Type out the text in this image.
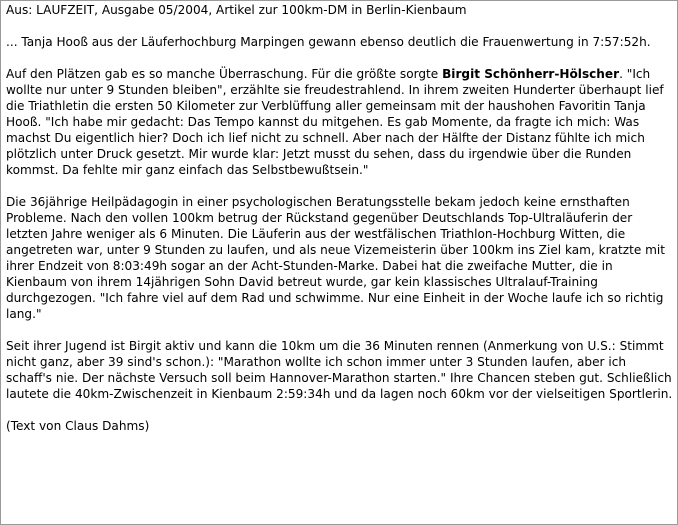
Aus: LAUFZEIT, Ausgabe 05/2004, Artikel zur 100km-DM in Berlin-Kienbaum

... Tanja Hooß aus der Läuferhochburg Marpingen gewann ebenso deutlich die Frauenwertung in 7:57:52h.

Auf den Plätzen gab es so manche Überraschung. Für die größte sorgte Birgit Schönherr-Hölscher. "Ich wollte nur unter 9 Stunden bleiben", erzählte sie freudestrahlend. In ihrem zweiten Hunderter überhaupt lief die Triathletin die ersten 50 Kilometer zur Verblüffung aller gemeinsam mit der haushohen Favoritin Tanja Hooß. "Ich habe mir gedacht: Das Tempo kannst du mitgehen. Es gab Momente, da fragte ich mich: Was machst Du eigentlich hier? Doch ich lief nicht zu schnell. Aber nach der Hälfte der Distanz fühlte ich mich plötzlich unter Druck gesetzt. Mir wurde klar: Jetzt musst du sehen, dass du irgendwie über die Runden kommst. Da fehlte mir ganz einfach das Selbstbewußtsein."

Die 36jährige Heilpädagogin in einer psychologischen Beratungsstelle bekam jedoch keine ernsthaften Probleme. Nach den vollen 100km betrug der Rückstand gegenüber Deutschlands Top-Ultraläuferin der letzten Jahre weniger als 6 Minuten. Die Läuferin aus der westfälischen Triathlon-Hochburg Witten, die angetreten war, unter 9 Stunden zu laufen, und als neue Vizemeisterin über 100km ins Ziel kam, kratzte mit ihrer Endzeit von 8:03:49h sogar an der Acht-Stunden-Marke. Dabei hat die zweifache Mutter, die in Kienbaum von ihrem 14jährigen Sohn David betreut wurde, gar kein klassisches Ultralauf-Training durchgezogen. "Ich fahre viel auf dem Rad und schwimme. Nur eine Einheit in der Woche laufe ich so richtig lang."

Seit ihrer Jugend ist Birgit aktiv und kann die 10km um die 36 Minuten rennen (Anmerkung von U.S.: Stimmt nicht ganz, aber 39 sind's schon.): "Marathon wollte ich schon immer unter 3 Stunden laufen, aber ich schaff's nie. Der nächste Versuch soll beim Hannover-Marathon starten." Ihre Chancen steben gut. Schließlich lautete die 40km-Zwischenzeit in Kienbaum 2:59:34h und da lagen noch 60km vor der vielseitigen Sportlerin.

(Text von Claus Dahms)
